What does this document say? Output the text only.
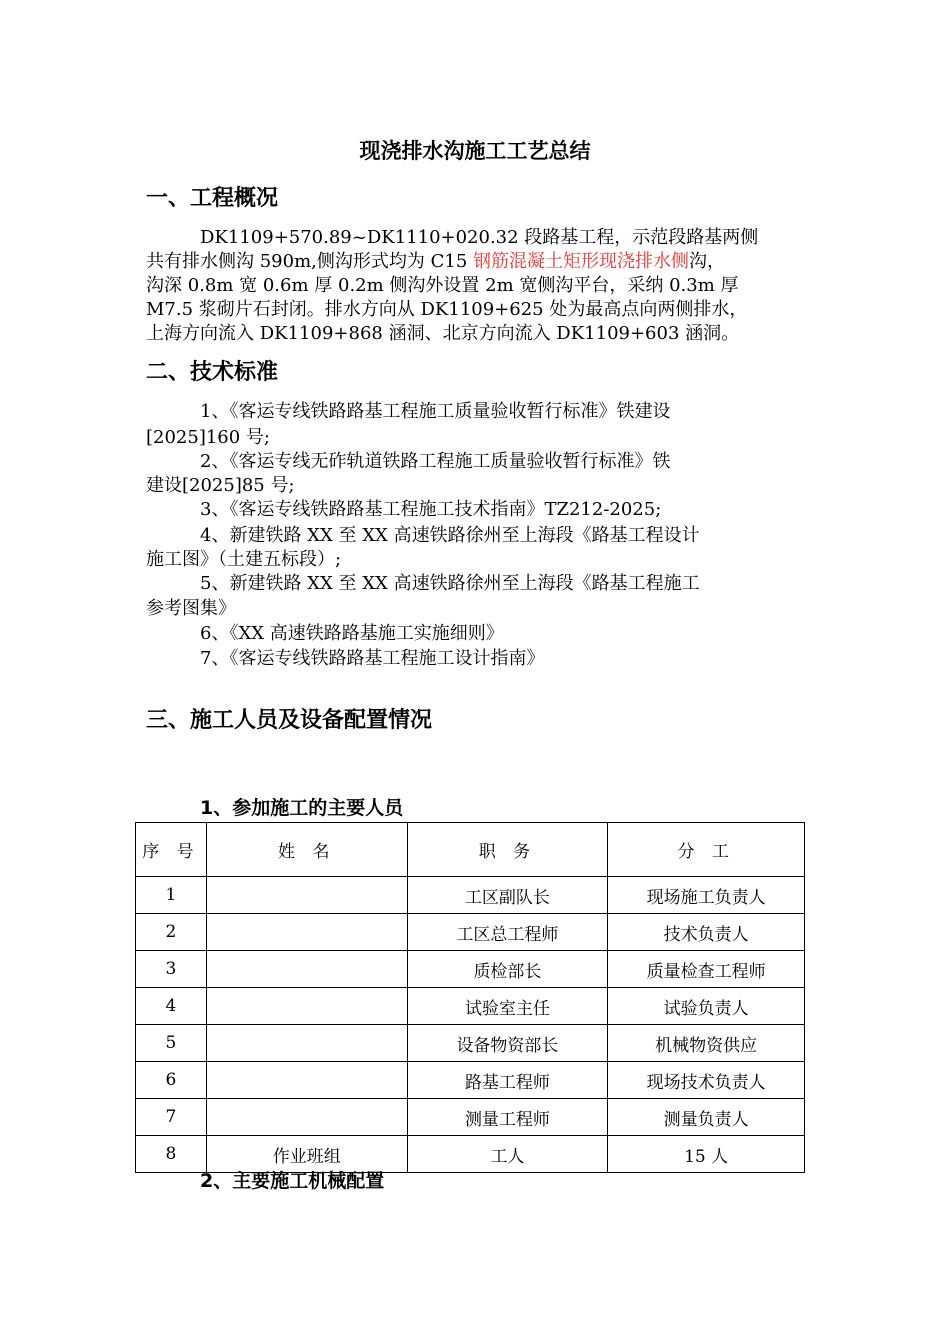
现浇排水沟施工工艺总结
一、工程概况
DK1109+570.89~DK1110+020.32 段路基工程，示范段路基两侧
共有排水侧沟 590m,侧沟形式均为 C15 钢筋混凝土矩形现浇排水侧沟，
沟深 0.8m 宽 0.6m 厚 0.2m 侧沟外设置 2m 宽侧沟平台，采纳 0.3m 厚
M7.5 浆砌片石封闭。排水方向从 DK1109+625 处为最高点向两侧排水，
上海方向流入 DK1109+868 涵洞、北京方向流入 DK1109+603 涵洞。
二、技术标准
1、《客运专线铁路路基工程施工质量验收暂行标准》铁建设
[2025]160 号;
2、《客运专线无砟轨道铁路工程施工质量验收暂行标准》铁
建设[2025]85 号;
3、《客运专线铁路路基工程施工技术指南》TZ212-2025;
4、新建铁路 XX 至 XX 高速铁路徐州至上海段《路基工程设计
施工图》（土建五标段）;
5、新建铁路 XX 至 XX 高速铁路徐州至上海段《路基工程施工
参考图集》
6、《XX 高速铁路路基施工实施细则》
7、《客运专线铁路路基工程施工设计指南》
三、施工人员及设备配置情况
1、参加施工的主要人员
序 号	姓 名	职 务	分 工
1		工区副队长	现场施工负责人
2		工区总工程师	技术负责人
3		质检部长	质量检查工程师
4		试验室主任	试验负责人
5		设备物资部长	机械物资供应
6		路基工程师	现场技术负责人
7		测量工程师	测量负责人
8	作业班组	工人	15 人
2、主要施工机械配置
